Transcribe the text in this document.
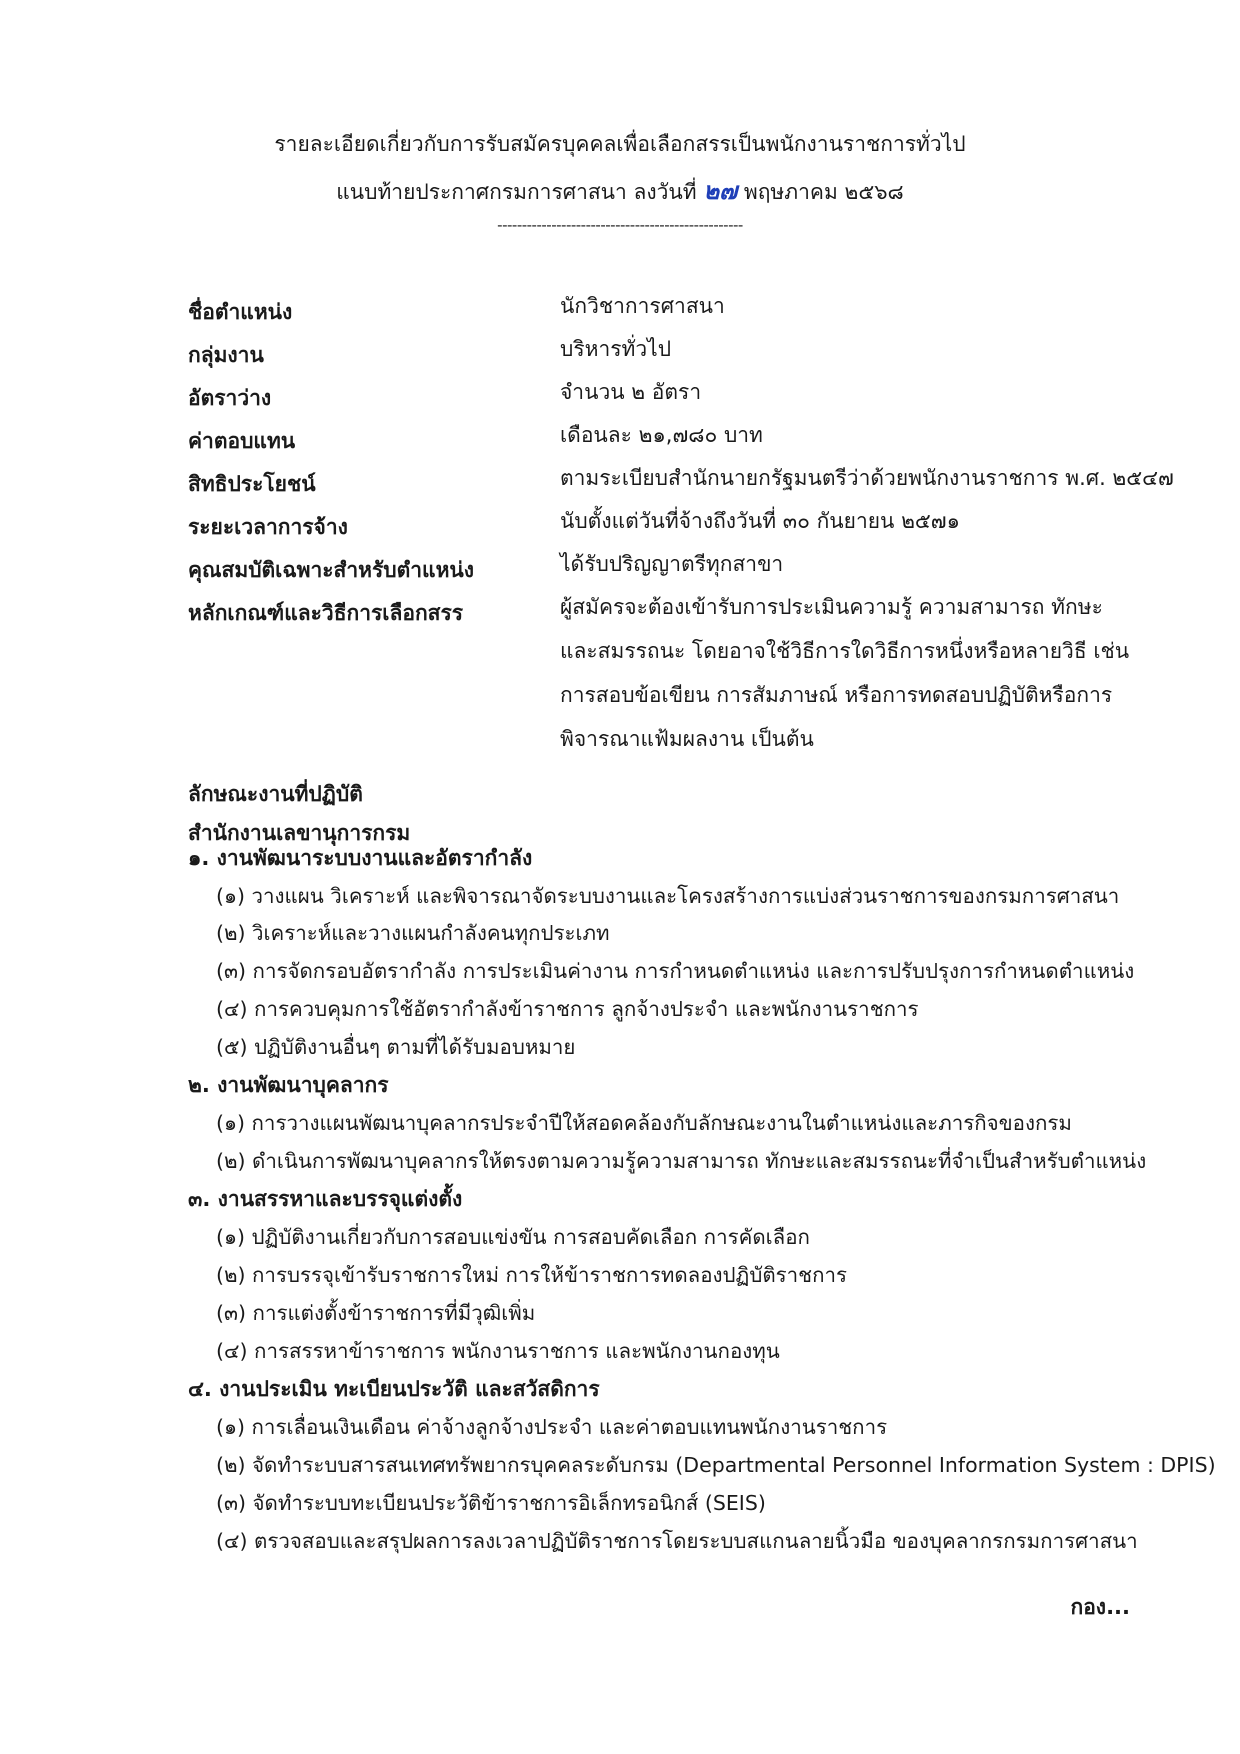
รายละเอียดเกี่ยวกับการรับสมัครบุคคลเพื่อเลือกสรรเป็นพนักงานราชการทั่วไป
แนบท้ายประกาศกรมการศาสนา ลงวันที่ ๒๗ พฤษภาคม ๒๕๖๘
--------------------------------------------------
ชื่อตำแหน่ง	นักวิชาการศาสนา
กลุ่มงาน	บริหารทั่วไป
อัตราว่าง	จำนวน ๒ อัตรา
ค่าตอบแทน	เดือนละ ๒๑,๗๘๐ บาท
สิทธิประโยชน์	ตามระเบียบสำนักนายกรัฐมนตรีว่าด้วยพนักงานราชการ พ.ศ. ๒๕๔๗
ระยะเวลาการจ้าง	นับตั้งแต่วันที่จ้างถึงวันที่ ๓๐ กันยายน ๒๕๗๑
คุณสมบัติเฉพาะสำหรับตำแหน่ง	ได้รับปริญญาตรีทุกสาขา
หลักเกณฑ์และวิธีการเลือกสรร	ผู้สมัครจะต้องเข้ารับการประเมินความรู้ ความสามารถ ทักษะ
และสมรรถนะ โดยอาจใช้วิธีการใดวิธีการหนึ่งหรือหลายวิธี เช่น
การสอบข้อเขียน การสัมภาษณ์ หรือการทดสอบปฏิบัติหรือการ
พิจารณาแฟ้มผลงาน เป็นต้น
ลักษณะงานที่ปฏิบัติ
สำนักงานเลขานุการกรม
๑. งานพัฒนาระบบงานและอัตรากำลัง
(๑) วางแผน วิเคราะห์ และพิจารณาจัดระบบงานและโครงสร้างการแบ่งส่วนราชการของกรมการศาสนา
(๒) วิเคราะห์และวางแผนกำลังคนทุกประเภท
(๓) การจัดกรอบอัตรากำลัง การประเมินค่างาน การกำหนดตำแหน่ง และการปรับปรุงการกำหนดตำแหน่ง
(๔) การควบคุมการใช้อัตรากำลังข้าราชการ ลูกจ้างประจำ และพนักงานราชการ
(๕) ปฏิบัติงานอื่นๆ ตามที่ได้รับมอบหมาย
๒. งานพัฒนาบุคลากร
(๑) การวางแผนพัฒนาบุคลากรประจำปีให้สอดคล้องกับลักษณะงานในตำแหน่งและภารกิจของกรม
(๒) ดำเนินการพัฒนาบุคลากรให้ตรงตามความรู้ความสามารถ ทักษะและสมรรถนะที่จำเป็นสำหรับตำแหน่ง
๓. งานสรรหาและบรรจุแต่งตั้ง
(๑) ปฏิบัติงานเกี่ยวกับการสอบแข่งขัน การสอบคัดเลือก การคัดเลือก
(๒) การบรรจุเข้ารับราชการใหม่ การให้ข้าราชการทดลองปฏิบัติราชการ
(๓) การแต่งตั้งข้าราชการที่มีวุฒิเพิ่ม
(๔) การสรรหาข้าราชการ พนักงานราชการ และพนักงานกองทุน
๔. งานประเมิน ทะเบียนประวัติ และสวัสดิการ
(๑) การเลื่อนเงินเดือน ค่าจ้างลูกจ้างประจำ และค่าตอบแทนพนักงานราชการ
(๒) จัดทำระบบสารสนเทศทรัพยากรบุคคลระดับกรม (Departmental Personnel Information System : DPIS)
(๓) จัดทำระบบทะเบียนประวัติข้าราชการอิเล็กทรอนิกส์ (SEIS)
(๔) ตรวจสอบและสรุปผลการลงเวลาปฏิบัติราชการโดยระบบสแกนลายนิ้วมือ ของบุคลากรกรมการศาสนา
กอง...
